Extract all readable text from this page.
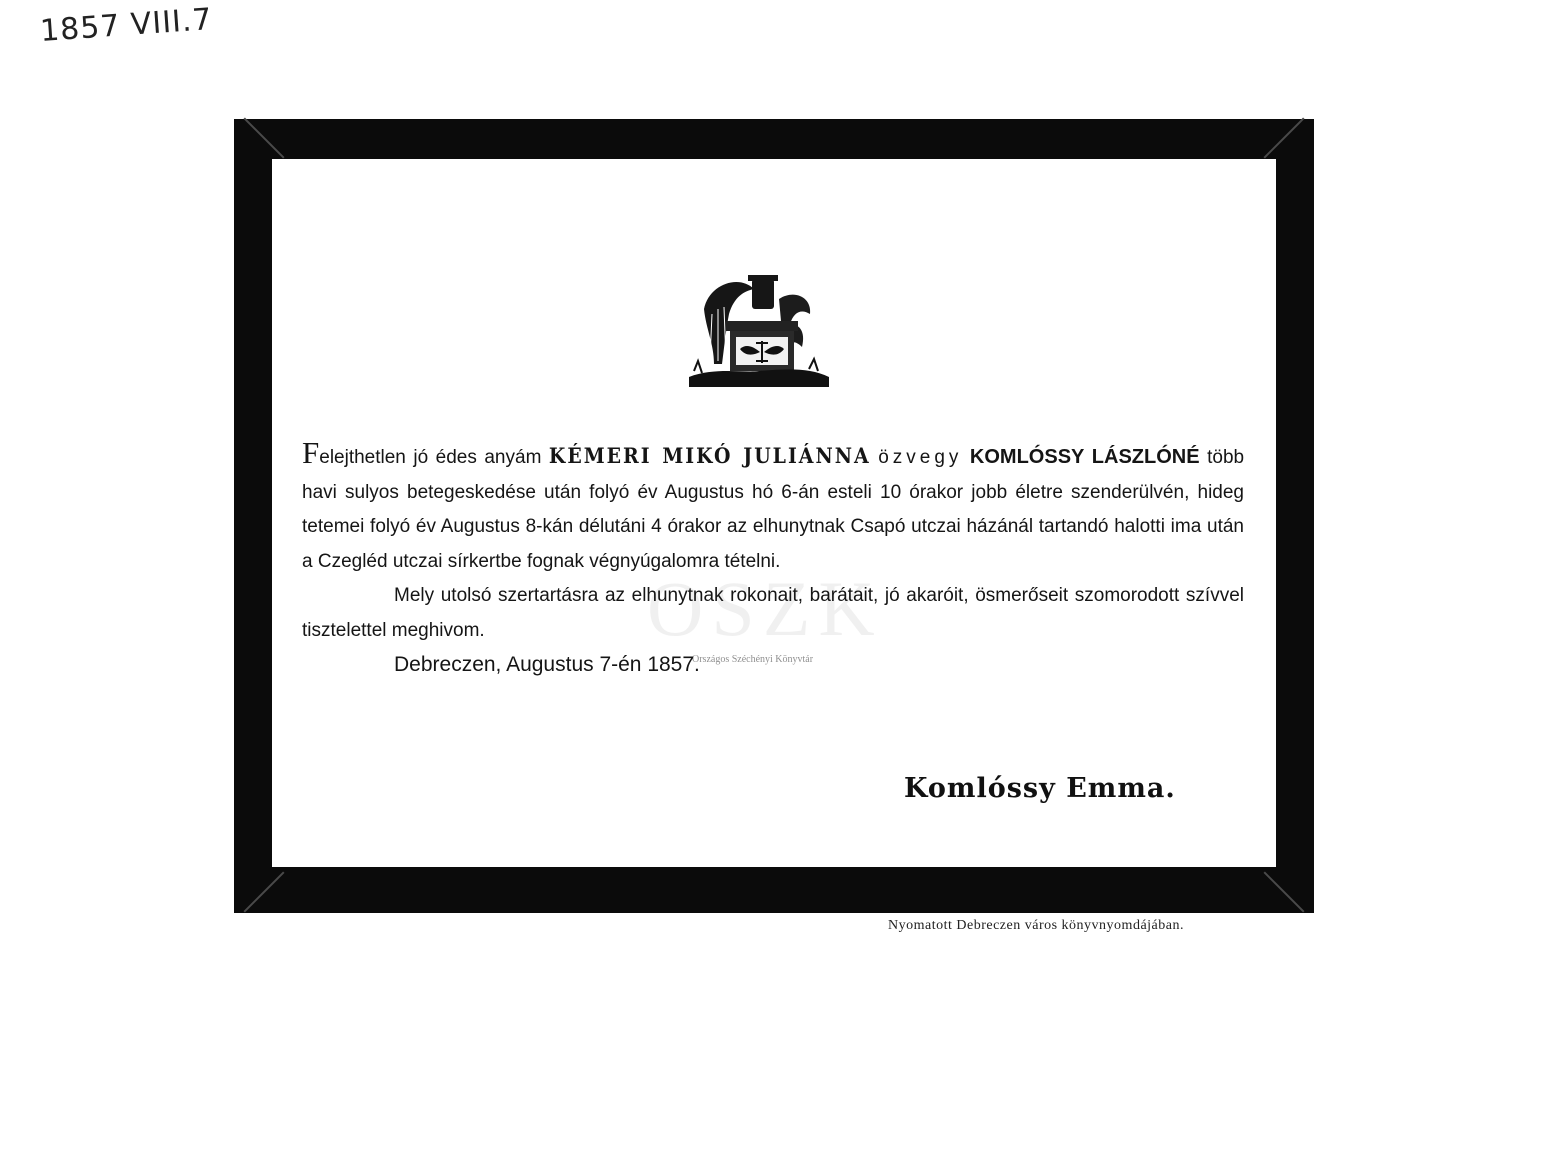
1857 VIII.7
OSZK
Országos Széchényi Könyvtár

Felejthetlen jó édes anyám KÉMERI MIKÓ JULIÁNNA özvegy KOMLÓSSY LÁSZLÓNÉ több havi sulyos betegeskedése után folyó év Augustus hó 6-án esteli 10 órakor jobb életre szenderülvén, hideg tetemei folyó év Augustus 8-kán délutáni 4 órakor az elhunytnak Csapó utczai házánál tartandó halotti ima után a Czegléd utczai sírkertbe fognak végnyúgalomra tételni.

Mely utolsó szertartásra az elhunytnak rokonait, barátait, jó akaróit, ösmerőseit szomorodott szívvel tisztelettel meghivom.

Debreczen, Augustus 7-én 1857.

Komlóssy Emma.
Nyomatott Debreczen város könyvnyomdájában.
